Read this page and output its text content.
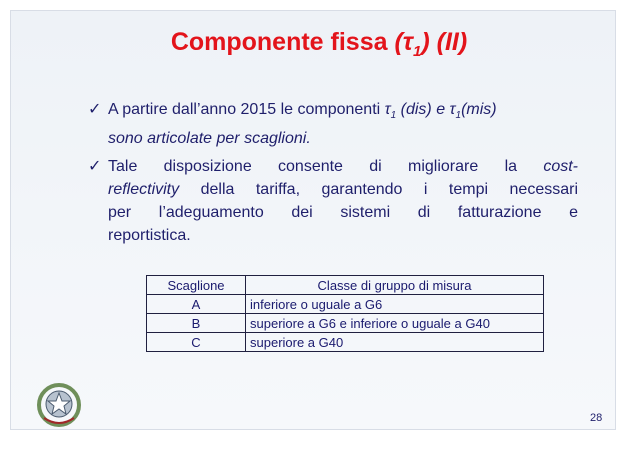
Componente fissa $(\tau_1)$ (II)
✓ A partire dall’anno 2015 le componenti $\tau_1$ (dis) e $\tau_1(mis)$
sono articolate per scaglioni.
✓ Tale disposizione consente di migliorare la cost-
reflectivity della tariffa, garantendo i tempi necessari
per l’adeguamento dei sistemi di fatturazione e
reportistica.
Scaglione	Classe di gruppo di misura
A	inferiore o uguale a G6
B	superiore a G6 e inferiore o uguale a G40
C	superiore a G40
28
